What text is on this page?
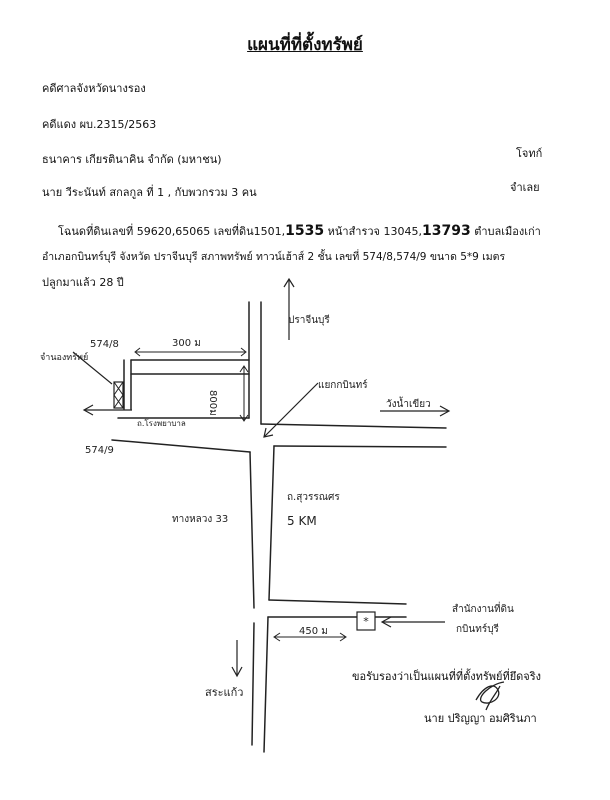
แผนที่ที่ตั้งทรัพย์
คดีศาลจังหวัดนางรอง
คดีแดง ผบ.2315/2563
ธนาคาร เกียรตินาคิน จำกัด (มหาชน)	โจทก์
นาย วีระนันท์ สกลกูล ที่ 1 , กับพวกรวม 3 คน	จำเลย
โฉนดที่ดินเลขที่ 59620,65065 เลขที่ดิน1501,1535 หน้าสำรวจ 13045,13793 ตำบลเมืองเก่า
อำเภอกบินทร์บุรี จังหวัด ปราจีนบุรี สภาพทรัพย์ ทาวน์เฮ้าส์ 2 ชั้น เลขที่ 574/8,574/9 ขนาด 5*9 เมตร
ปลูกมาแล้ว 28 ปี
*
ปราจีนบุรี
574/8
574/9
จำนองทรัพย์
300 ม
800ม
แยกกบินทร์
วังน้ำเขียว
ถ.โรงพยาบาล
ทางหลวง 33
ถ.สุวรรณศร
5 KM
450 ม
สำนักงานที่ดิน
กบินทร์บุรี
สระแก้ว
ขอรับรองว่าเป็นแผนที่ที่ตั้งทรัพย์ที่ยึดจริง
นาย ปริญญา อมศิรินภา
